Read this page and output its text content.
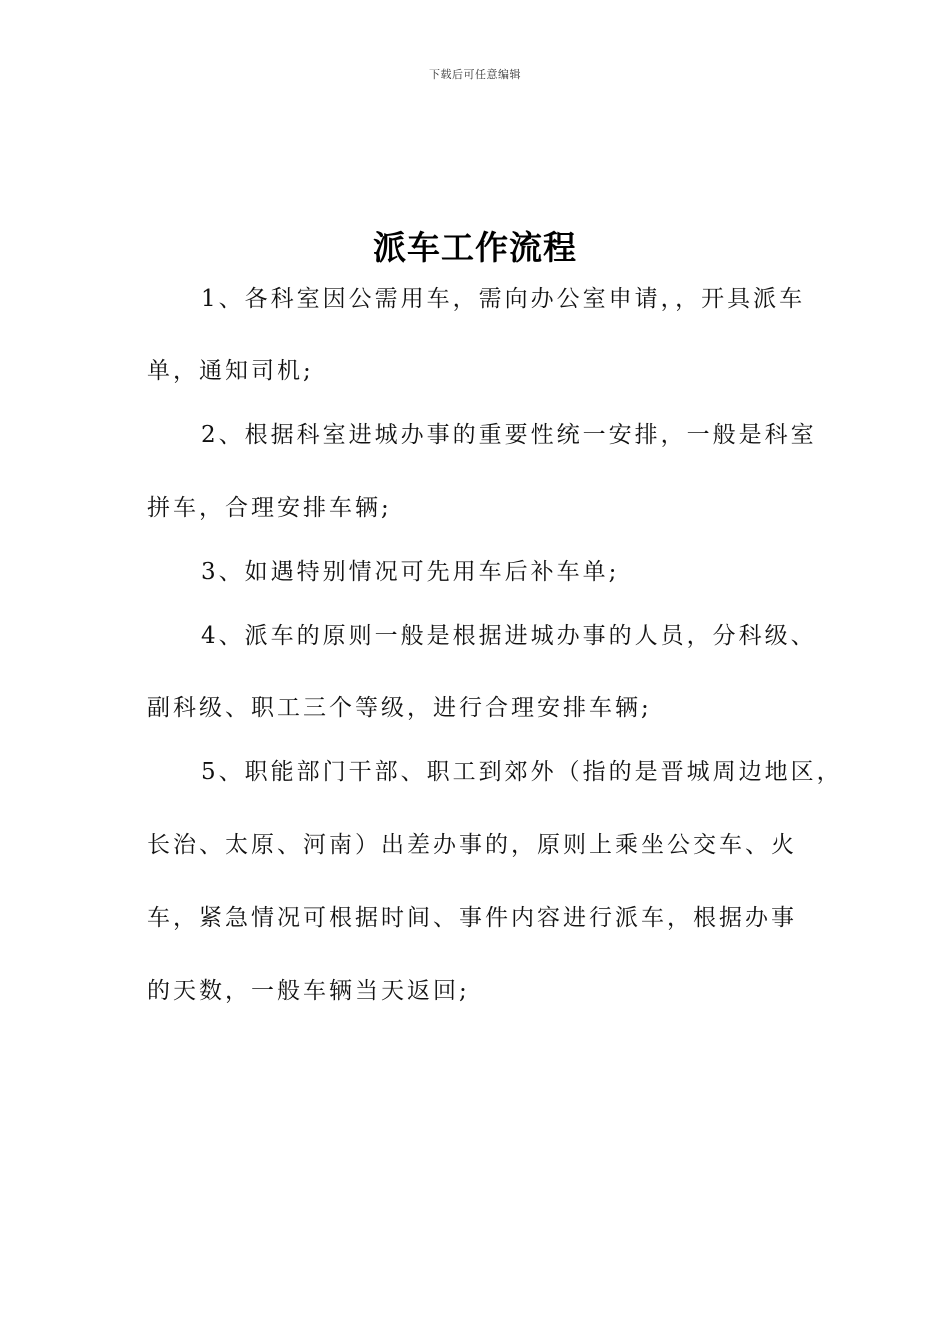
下载后可任意编辑
派车工作流程
1、各科室因公需用车，需向办公室申请，，开具派车
单，通知司机;
2、根据科室进城办事的重要性统一安排，一般是科室
拼车，合理安排车辆;
3、如遇特别情况可先用车后补车单;
4、派车的原则一般是根据进城办事的人员，分科级、
副科级、职工三个等级，进行合理安排车辆;
5、职能部门干部、职工到郊外（指的是晋城周边地区，
长治、太原、河南）出差办事的，原则上乘坐公交车、火
车，紧急情况可根据时间、事件内容进行派车，根据办事
的天数，一般车辆当天返回;
